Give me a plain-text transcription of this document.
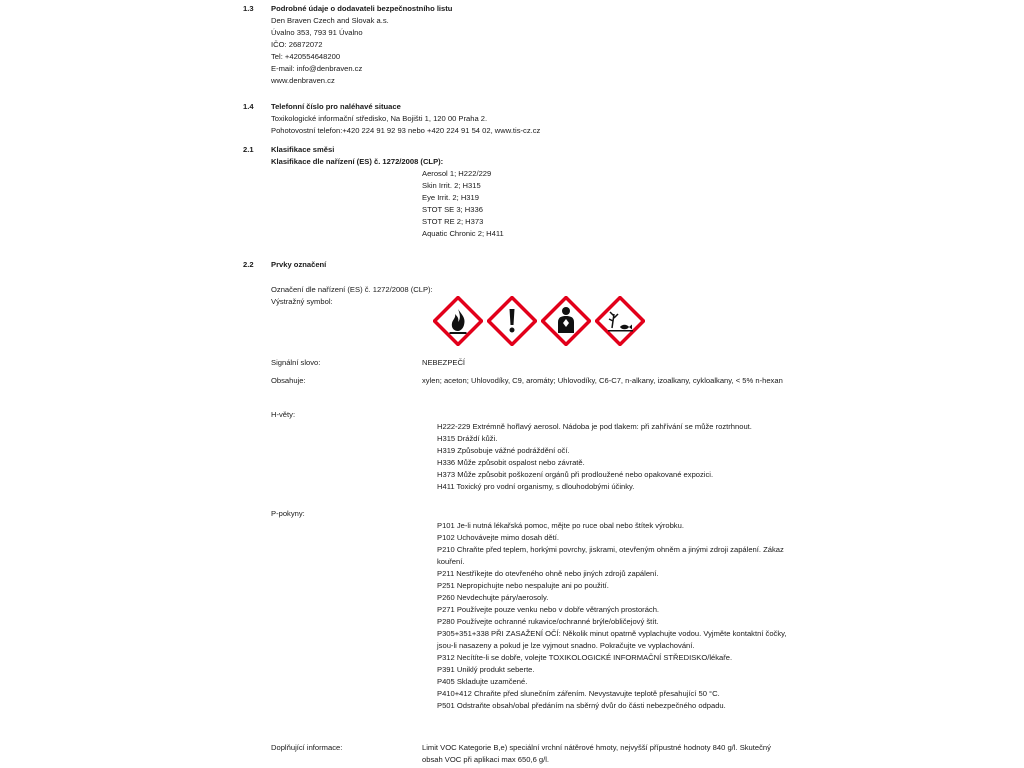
1.3 Podrobné údaje o dodavateli bezpečnostního listu
Den Braven Czech and Slovak a.s.
Úvalno 353, 793 91 Úvalno
IČO: 26872072
Tel: +420554648200
E-mail: info@denbraven.cz
www.denbraven.cz
1.4 Telefonní číslo pro naléhavé situace
Toxikologické informační středisko, Na Bojišti 1, 120 00 Praha 2.
Pohotovostní telefon:+420 224 91 92 93 nebo +420 224 91 54 02, www.tis-cz.cz
2.1 Klasifikace směsi
Klasifikace dle nařízení (ES) č. 1272/2008 (CLP):
Aerosol 1; H222/229
Skin Irrit. 2; H315
Eye Irrit. 2; H319
STOT SE 3; H336
STOT RE 2; H373
Aquatic Chronic 2; H411
2.2 Prvky označení
Označení dle nařízení (ES) č. 1272/2008 (CLP):
Výstražný symbol:
Signální slovo:	NEBEZPEČÍ
Obsahuje:	xylen; aceton; Uhlovodíky, C9, aromáty; Uhlovodíky, C6-C7, n-alkany, izoalkany, cykloalkany, < 5% n-hexan
H-věty:
H222-229 Extrémně hořlavý aerosol. Nádoba je pod tlakem: při zahřívání se může roztrhnout.
H315 Dráždí kůži.
H319 Způsobuje vážné podráždění očí.
H336 Může způsobit ospalost nebo závratě.
H373 Může způsobit poškození orgánů při prodloužené nebo opakované expozici.
H411 Toxický pro vodní organismy, s dlouhodobými účinky.
P-pokyny:
P101 Je-li nutná lékařská pomoc, mějte po ruce obal nebo štítek výrobku.
P102 Uchovávejte mimo dosah dětí.
P210 Chraňte před teplem, horkými povrchy, jiskrami, otevřeným ohněm a jinými zdroji zapálení. Zákaz kouření.
P211 Nestříkejte do otevřeného ohně nebo jiných zdrojů zapálení.
P251 Nepropichujte nebo nespalujte ani po použití.
P260 Nevdechujte páry/aerosoly.
P271 Používejte pouze venku nebo v dobře větraných prostorách.
P280 Používejte ochranné rukavice/ochranné brýle/obličejový štít.
P305+351+338 PŘI ZASAŽENÍ OČÍ: Několik minut opatrně vyplachujte vodou. Vyjměte kontaktní čočky, jsou-li nasazeny a pokud je lze vyjmout snadno. Pokračujte ve vyplachování.
P312 Necítíte-li se dobře, volejte TOXIKOLOGICKÉ INFORMAČNÍ STŘEDISKO/lékaře.
P391 Uniklý produkt seberte.
P405 Skladujte uzamčené.
P410+412 Chraňte před slunečním zářením. Nevystavujte teplotě přesahující 50 °C.
P501 Odstraňte obsah/obal předáním na sběrný dvůr do části nebezpečného odpadu.
Doplňující informace:	Limit VOC Kategorie B,e) speciální vrchní nátěrové hmoty, nejvyšší přípustné hodnoty 840 g/l. Skutečný obsah VOC při aplikaci max 650,6 g/l.
